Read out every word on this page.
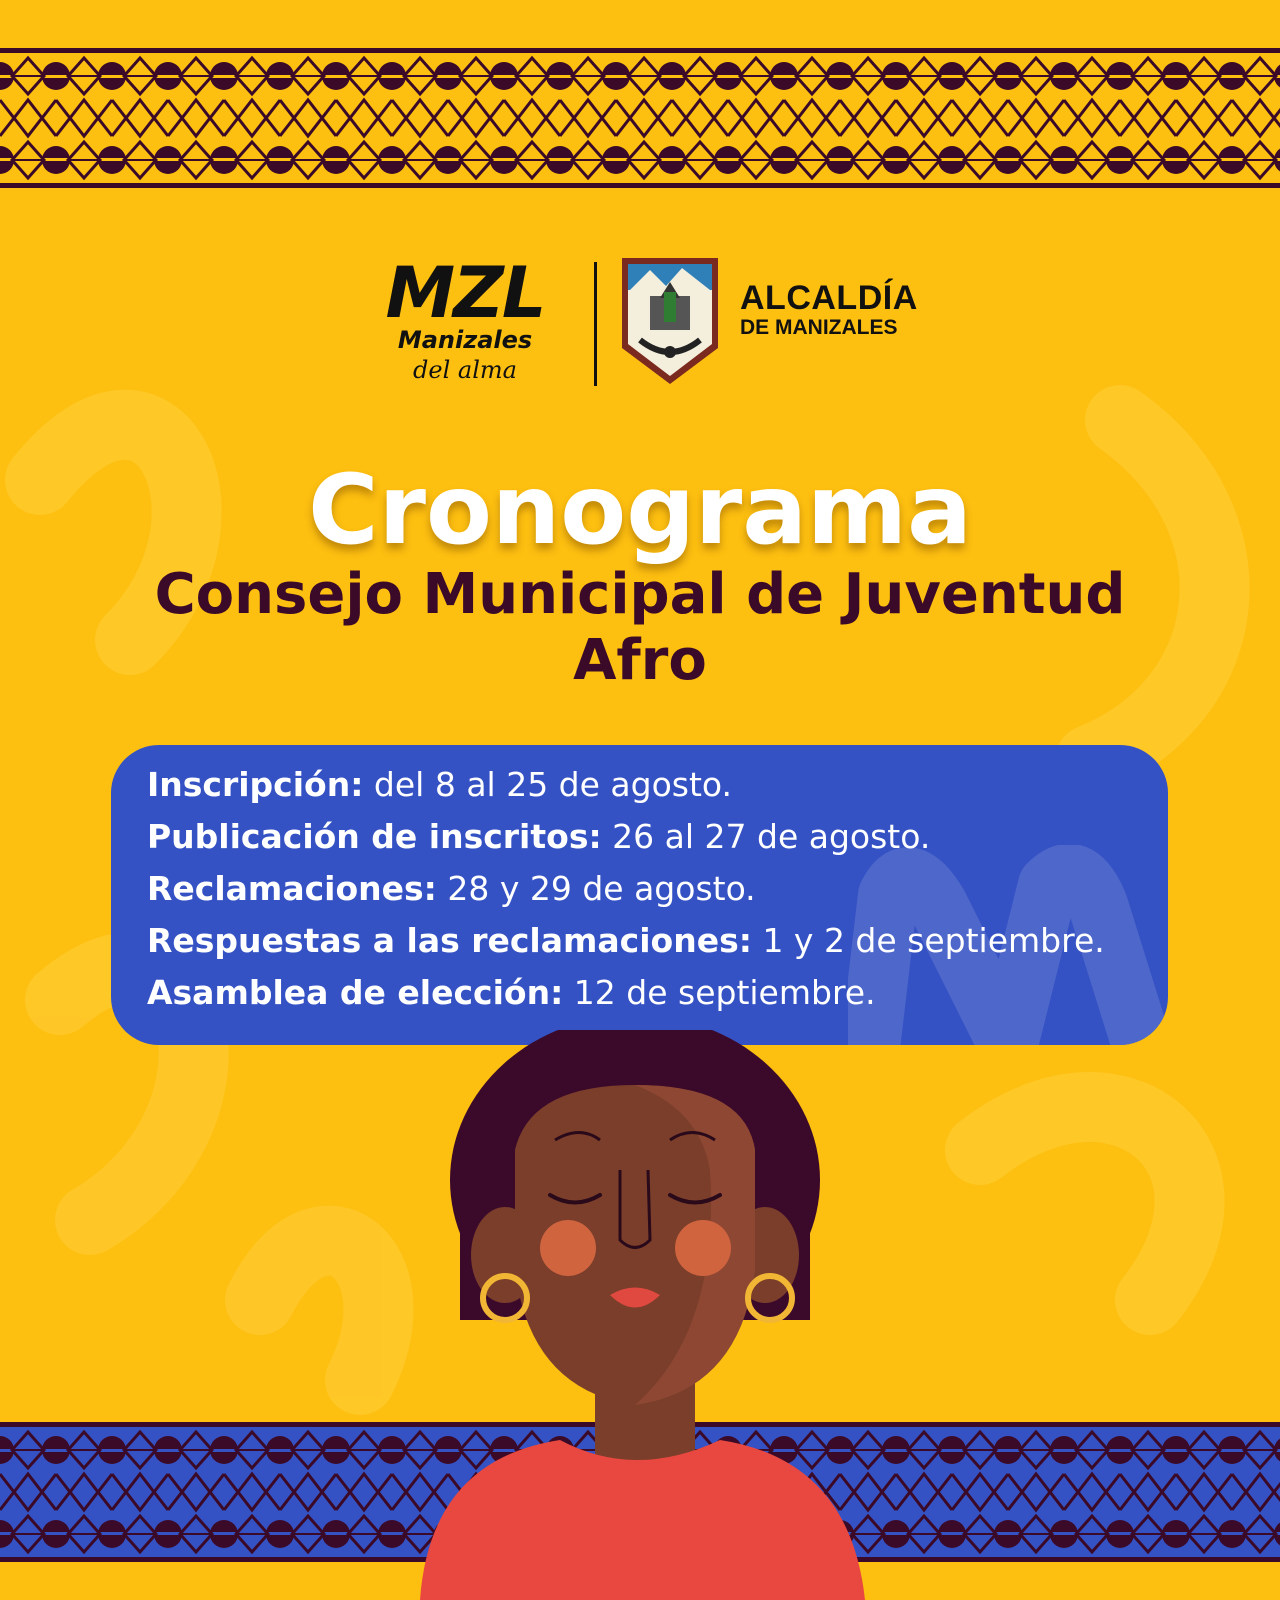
MZL
Manizales
del alma
ALCALDÍA
DE MANIZALES
Cronograma
Consejo Municipal de Juventud
Afro
Inscripción: del 8 al 25 de agosto.
Publicación de inscritos: 26 al 27 de agosto.
Reclamaciones: 28 y 29 de agosto.
Respuestas a las reclamaciones: 1 y 2 de septiembre.
Asamblea de elección: 12 de septiembre.
